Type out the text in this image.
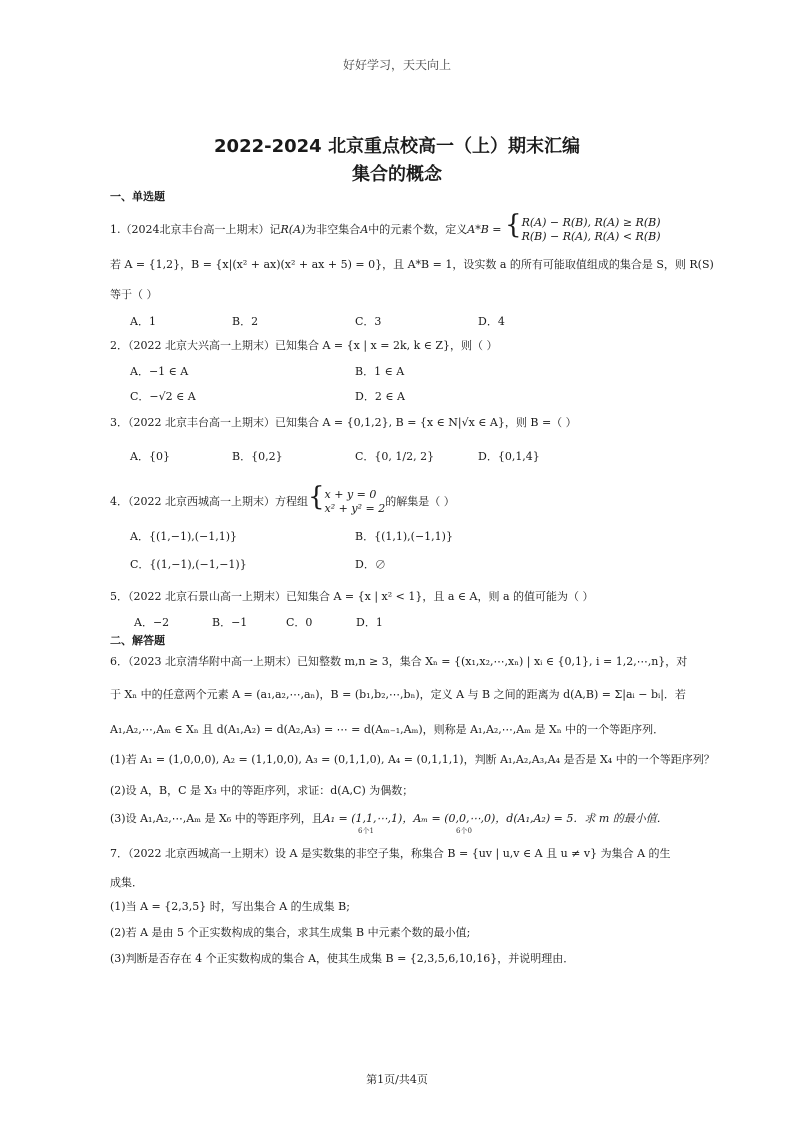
好好学习，天天向上
2022-2024 北京重点校高一（上）期末汇编
集合的概念
一、单选题
1.（2024北京丰台高一上期末）记R(A)为非空集合A中的元素个数，定义A*B = {R(A) − R(B), R(A) ≥ R(B)
R(B) − R(A), R(A) < R(B)
若 A = {1,2}，B = {x|(x² + ax)(x² + ax + 5) = 0}，且 A*B = 1，设实数 a 的所有可能取值组成的集合是 S，则 R(S)
等于（ ）
A．1	B．2	C．3	D．4
2．（2022 北京大兴高一上期末）已知集合 A = {x | x = 2k, k ∈ Z}，则（ ）
A．−1 ∈ A	B．1 ∈ A
C．−√2 ∈ A	D．2 ∈ A
3．（2022 北京丰台高一上期末）已知集合 A = {0,1,2}, B = {x ∈ N|√x ∈ A}，则 B =（ ）
A．{0}	B．{0,2}	C．{0, 1/2, 2}	D．{0,1,4}
4．（2022 北京西城高一上期末）方程组{x + y = 0
x² + y² = 2的解集是（ ）
A．{(1,−1),(−1,1)}	B．{(1,1),(−1,1)}
C．{(1,−1),(−1,−1)}	D．∅
5．（2022 北京石景山高一上期末）已知集合 A = {x | x² < 1}，且 a ∈ A，则 a 的值可能为（ ）
A．−2	B．−1	C．0	D．1
二、解答题
6．（2023 北京清华附中高一上期末）已知整数 m,n ≥ 3，集合 Xₙ = {(x₁,x₂,⋯,xₙ) | xᵢ ∈ {0,1}, i = 1,2,⋯,n}，对
于 Xₙ 中的任意两个元素 A = (a₁,a₂,⋯,aₙ)，B = (b₁,b₂,⋯,bₙ)，定义 A 与 B 之间的距离为 d(A,B) = Σ|aᵢ − bᵢ|．若
A₁,A₂,⋯,Aₘ ∈ Xₙ 且 d(A₁,A₂) = d(A₂,A₃) = ⋯ = d(Aₘ₋₁,Aₘ)，则称是 A₁,A₂,⋯,Aₘ 是 Xₙ 中的一个等距序列．
(1)若 A₁ = (1,0,0,0), A₂ = (1,1,0,0), A₃ = (0,1,1,0), A₄ = (0,1,1,1)，判断 A₁,A₂,A₃,A₄ 是否是 X₄ 中的一个等距序列？
(2)设 A，B，C 是 X₃ 中的等距序列，求证：d(A,C) 为偶数；
(3)设 A₁,A₂,⋯,Aₘ 是 X₆ 中的等距序列，且A₁ = (1,1,⋯,1)，Aₘ = (0,0,⋯,0)，d(A₁,A₂) = 5．求 m 的最小值．
6个1	6个0
7．（2022 北京西城高一上期末）设 A 是实数集的非空子集，称集合 B = {uv | u,v ∈ A 且 u ≠ v} 为集合 A 的生
成集．
(1)当 A = {2,3,5} 时，写出集合 A 的生成集 B;
(2)若 A 是由 5 个正实数构成的集合，求其生成集 B 中元素个数的最小值;
(3)判断是否存在 4 个正实数构成的集合 A，使其生成集 B = {2,3,5,6,10,16}，并说明理由．
第1页/共4页
